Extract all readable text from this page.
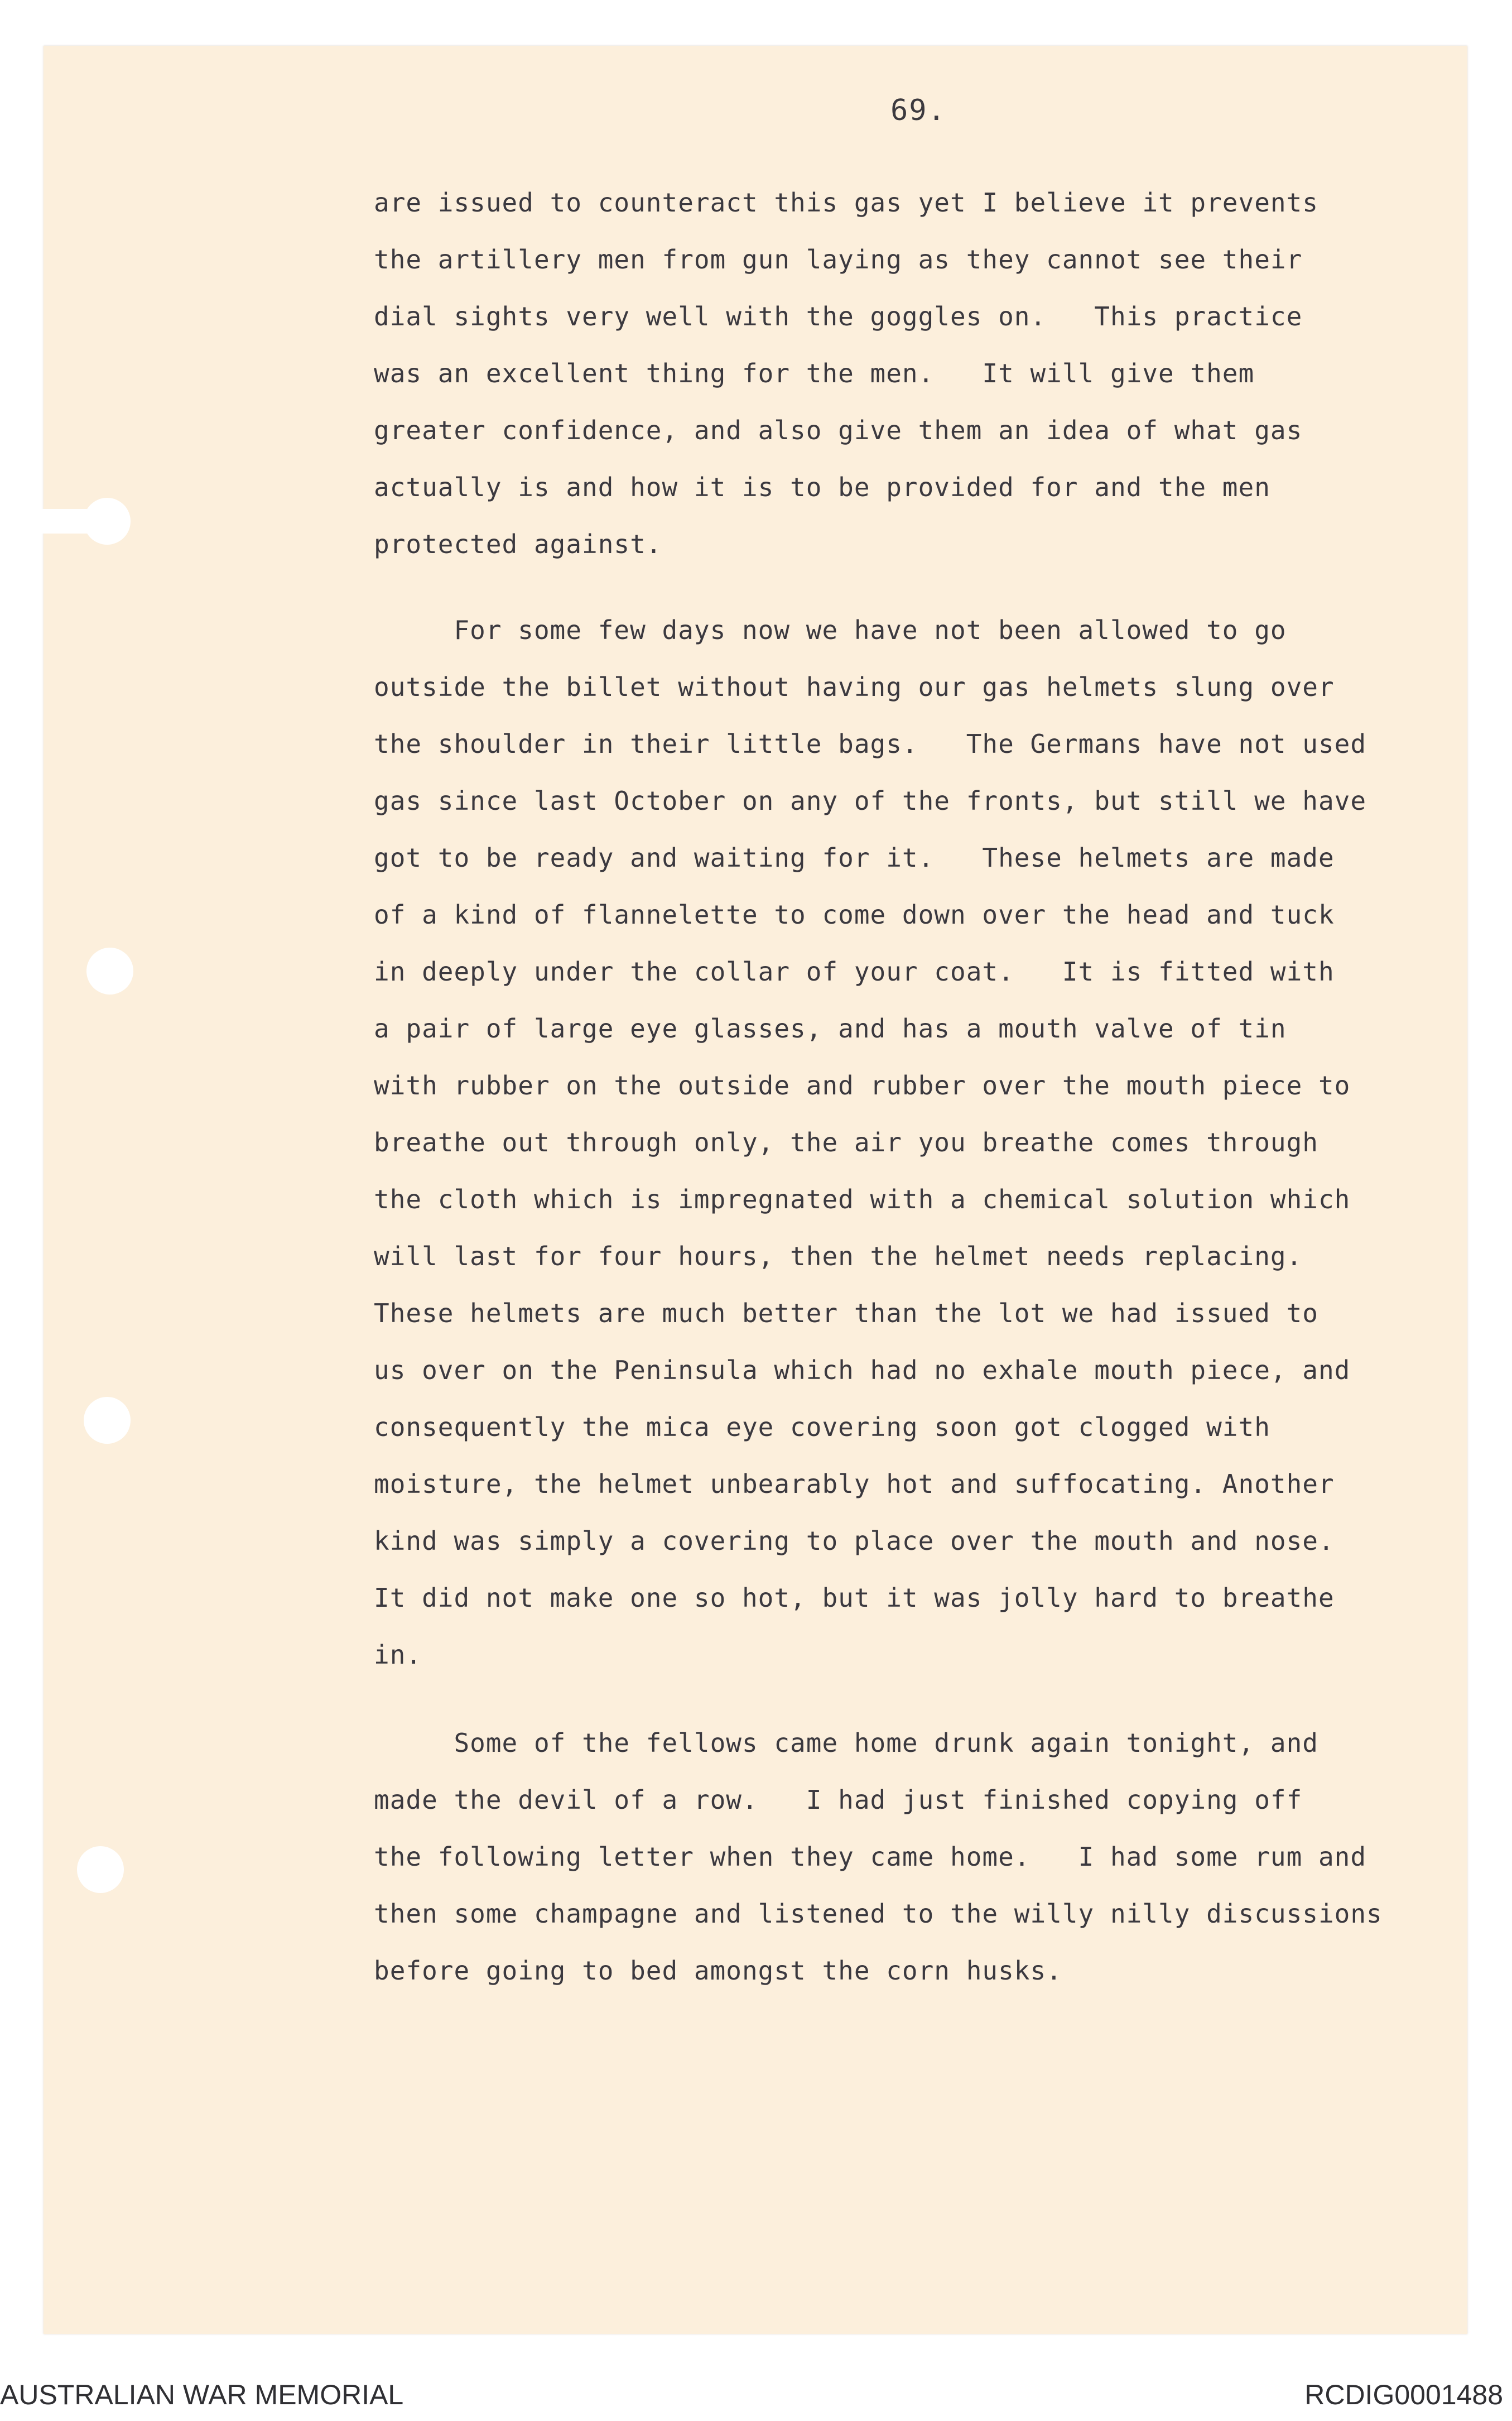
69.

are issued to counteract this gas yet I believe it prevents
the artillery men from gun laying as they cannot see their
dial sights very well with the goggles on.   This practice
was an excellent thing for the men.   It will give them
greater confidence, and also give them an idea of what gas
actually is and how it is to be provided for and the men
protected against.

For some few days now we have not been allowed to go
outside the billet without having our gas helmets slung over
the shoulder in their little bags.   The Germans have not used
gas since last October on any of the fronts, but still we have
got to be ready and waiting for it.   These helmets are made
of a kind of flannelette to come down over the head and tuck
in deeply under the collar of your coat.   It is fitted with
a pair of large eye glasses, and has a mouth valve of tin
with rubber on the outside and rubber over the mouth piece to
breathe out through only, the air you breathe comes through
the cloth which is impregnated with a chemical solution which
will last for four hours, then the helmet needs replacing.
These helmets are much better than the lot we had issued to
us over on the Peninsula which had no exhale mouth piece, and
consequently the mica eye covering soon got clogged with
moisture, the helmet unbearably hot and suffocating. Another
kind was simply a covering to place over the mouth and nose.
It did not make one so hot, but it was jolly hard to breathe
in.

Some of the fellows came home drunk again tonight, and
made the devil of a row.   I had just finished copying off
the following letter when they came home.   I had some rum and
then some champagne and listened to the willy nilly discussions
before going to bed amongst the corn husks.

AUSTRALIAN WAR MEMORIAL	RCDIG0001488
